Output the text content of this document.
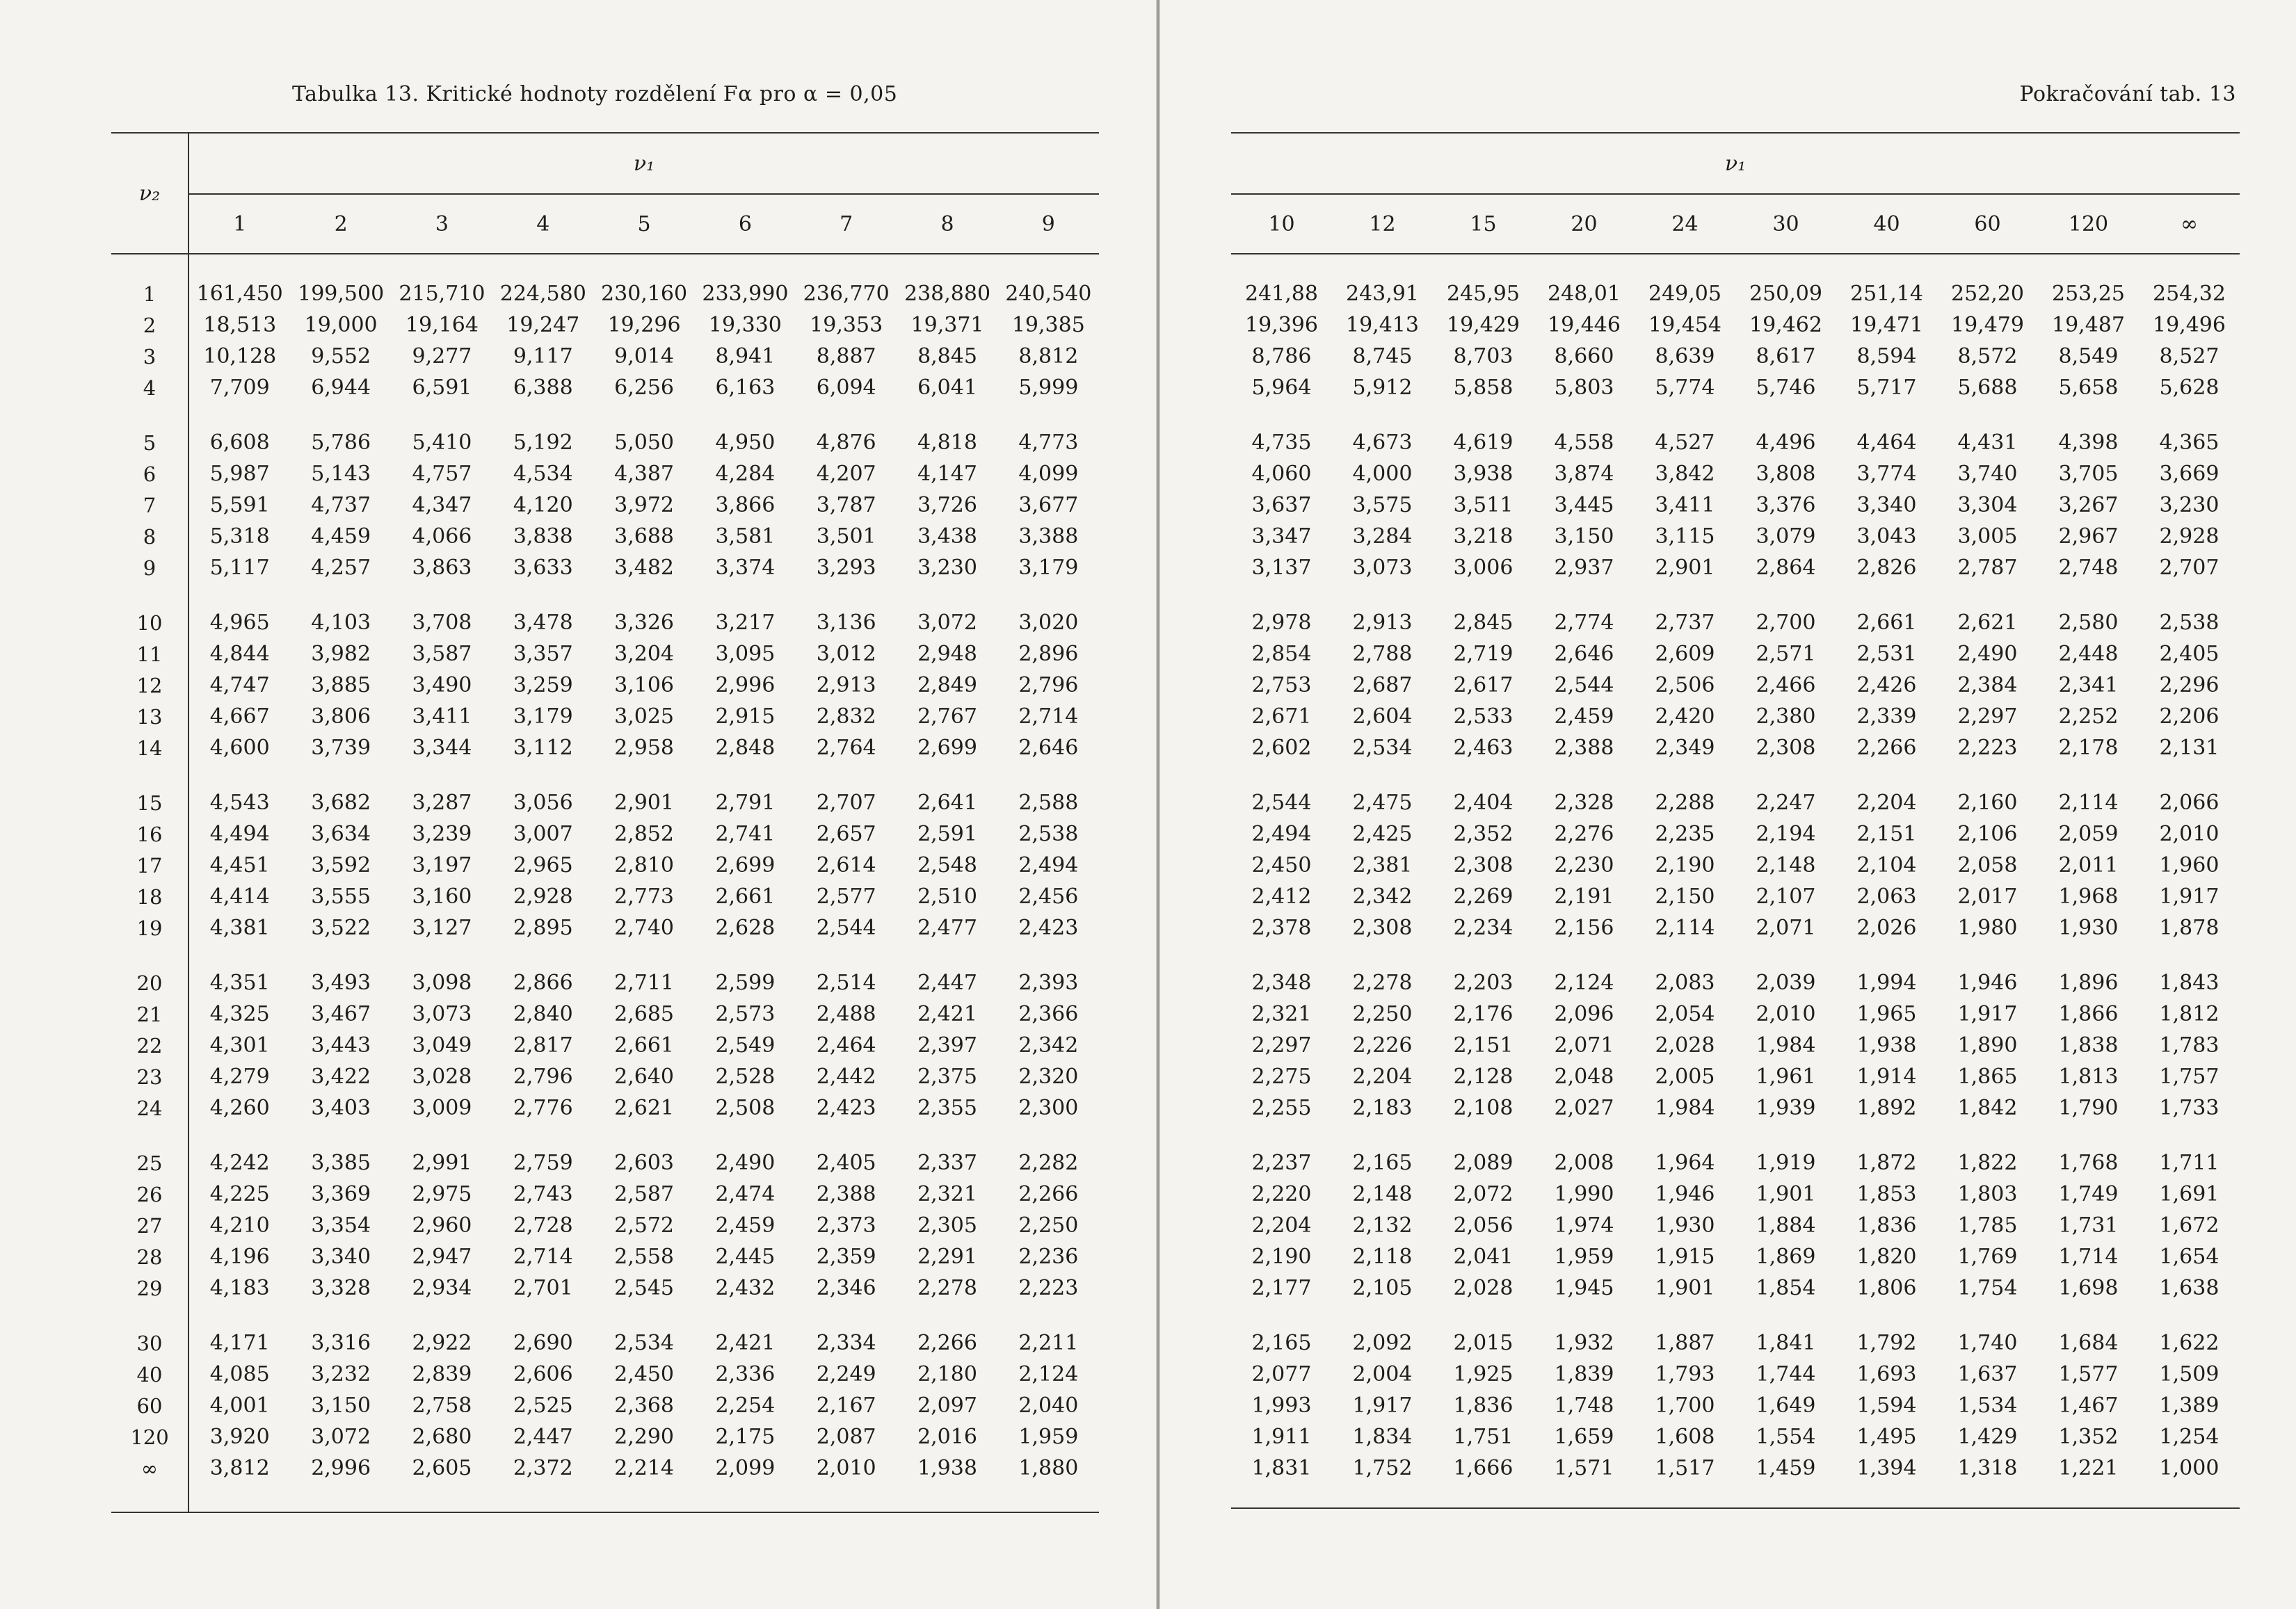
Tabulka 13. Kritické hodnoty rozdělení Fα pro α = 0,05
ν₂	ν₁								
	1	2	3	4	5	6	7	8	9

1	161,450	199,500	215,710	224,580	230,160	233,990	236,770	238,880	240,540
2	18,513	19,000	19,164	19,247	19,296	19,330	19,353	19,371	19,385
3	10,128	9,552	9,277	9,117	9,014	8,941	8,887	8,845	8,812
4	7,709	6,944	6,591	6,388	6,256	6,163	6,094	6,041	5,999

5	6,608	5,786	5,410	5,192	5,050	4,950	4,876	4,818	4,773
6	5,987	5,143	4,757	4,534	4,387	4,284	4,207	4,147	4,099
7	5,591	4,737	4,347	4,120	3,972	3,866	3,787	3,726	3,677
8	5,318	4,459	4,066	3,838	3,688	3,581	3,501	3,438	3,388
9	5,117	4,257	3,863	3,633	3,482	3,374	3,293	3,230	3,179

10	4,965	4,103	3,708	3,478	3,326	3,217	3,136	3,072	3,020
11	4,844	3,982	3,587	3,357	3,204	3,095	3,012	2,948	2,896
12	4,747	3,885	3,490	3,259	3,106	2,996	2,913	2,849	2,796
13	4,667	3,806	3,411	3,179	3,025	2,915	2,832	2,767	2,714
14	4,600	3,739	3,344	3,112	2,958	2,848	2,764	2,699	2,646

15	4,543	3,682	3,287	3,056	2,901	2,791	2,707	2,641	2,588
16	4,494	3,634	3,239	3,007	2,852	2,741	2,657	2,591	2,538
17	4,451	3,592	3,197	2,965	2,810	2,699	2,614	2,548	2,494
18	4,414	3,555	3,160	2,928	2,773	2,661	2,577	2,510	2,456
19	4,381	3,522	3,127	2,895	2,740	2,628	2,544	2,477	2,423

20	4,351	3,493	3,098	2,866	2,711	2,599	2,514	2,447	2,393
21	4,325	3,467	3,073	2,840	2,685	2,573	2,488	2,421	2,366
22	4,301	3,443	3,049	2,817	2,661	2,549	2,464	2,397	2,342
23	4,279	3,422	3,028	2,796	2,640	2,528	2,442	2,375	2,320
24	4,260	3,403	3,009	2,776	2,621	2,508	2,423	2,355	2,300

25	4,242	3,385	2,991	2,759	2,603	2,490	2,405	2,337	2,282
26	4,225	3,369	2,975	2,743	2,587	2,474	2,388	2,321	2,266
27	4,210	3,354	2,960	2,728	2,572	2,459	2,373	2,305	2,250
28	4,196	3,340	2,947	2,714	2,558	2,445	2,359	2,291	2,236
29	4,183	3,328	2,934	2,701	2,545	2,432	2,346	2,278	2,223

30	4,171	3,316	2,922	2,690	2,534	2,421	2,334	2,266	2,211
40	4,085	3,232	2,839	2,606	2,450	2,336	2,249	2,180	2,124
60	4,001	3,150	2,758	2,525	2,368	2,254	2,167	2,097	2,040
120	3,920	3,072	2,680	2,447	2,290	2,175	2,087	2,016	1,959
∞	3,812	2,996	2,605	2,372	2,214	2,099	2,010	1,938	1,880

Pokračování tab. 13
ν₁									
10	12	15	20	24	30	40	60	120	∞

241,88	243,91	245,95	248,01	249,05	250,09	251,14	252,20	253,25	254,32
19,396	19,413	19,429	19,446	19,454	19,462	19,471	19,479	19,487	19,496
8,786	8,745	8,703	8,660	8,639	8,617	8,594	8,572	8,549	8,527
5,964	5,912	5,858	5,803	5,774	5,746	5,717	5,688	5,658	5,628

4,735	4,673	4,619	4,558	4,527	4,496	4,464	4,431	4,398	4,365
4,060	4,000	3,938	3,874	3,842	3,808	3,774	3,740	3,705	3,669
3,637	3,575	3,511	3,445	3,411	3,376	3,340	3,304	3,267	3,230
3,347	3,284	3,218	3,150	3,115	3,079	3,043	3,005	2,967	2,928
3,137	3,073	3,006	2,937	2,901	2,864	2,826	2,787	2,748	2,707

2,978	2,913	2,845	2,774	2,737	2,700	2,661	2,621	2,580	2,538
2,854	2,788	2,719	2,646	2,609	2,571	2,531	2,490	2,448	2,405
2,753	2,687	2,617	2,544	2,506	2,466	2,426	2,384	2,341	2,296
2,671	2,604	2,533	2,459	2,420	2,380	2,339	2,297	2,252	2,206
2,602	2,534	2,463	2,388	2,349	2,308	2,266	2,223	2,178	2,131

2,544	2,475	2,404	2,328	2,288	2,247	2,204	2,160	2,114	2,066
2,494	2,425	2,352	2,276	2,235	2,194	2,151	2,106	2,059	2,010
2,450	2,381	2,308	2,230	2,190	2,148	2,104	2,058	2,011	1,960
2,412	2,342	2,269	2,191	2,150	2,107	2,063	2,017	1,968	1,917
2,378	2,308	2,234	2,156	2,114	2,071	2,026	1,980	1,930	1,878

2,348	2,278	2,203	2,124	2,083	2,039	1,994	1,946	1,896	1,843
2,321	2,250	2,176	2,096	2,054	2,010	1,965	1,917	1,866	1,812
2,297	2,226	2,151	2,071	2,028	1,984	1,938	1,890	1,838	1,783
2,275	2,204	2,128	2,048	2,005	1,961	1,914	1,865	1,813	1,757
2,255	2,183	2,108	2,027	1,984	1,939	1,892	1,842	1,790	1,733

2,237	2,165	2,089	2,008	1,964	1,919	1,872	1,822	1,768	1,711
2,220	2,148	2,072	1,990	1,946	1,901	1,853	1,803	1,749	1,691
2,204	2,132	2,056	1,974	1,930	1,884	1,836	1,785	1,731	1,672
2,190	2,118	2,041	1,959	1,915	1,869	1,820	1,769	1,714	1,654
2,177	2,105	2,028	1,945	1,901	1,854	1,806	1,754	1,698	1,638

2,165	2,092	2,015	1,932	1,887	1,841	1,792	1,740	1,684	1,622
2,077	2,004	1,925	1,839	1,793	1,744	1,693	1,637	1,577	1,509
1,993	1,917	1,836	1,748	1,700	1,649	1,594	1,534	1,467	1,389
1,911	1,834	1,751	1,659	1,608	1,554	1,495	1,429	1,352	1,254
1,831	1,752	1,666	1,571	1,517	1,459	1,394	1,318	1,221	1,000
